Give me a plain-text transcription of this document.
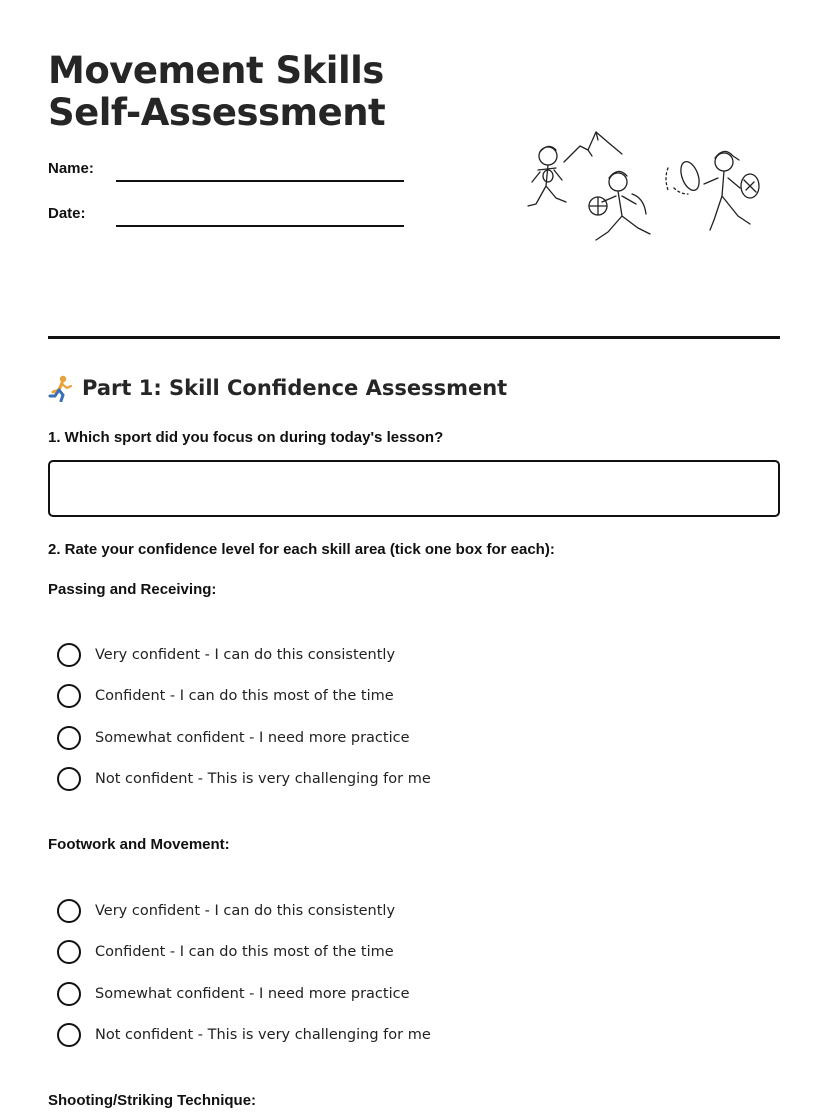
Movement Skills Self-Assessment
Name:
Date:
Part 1: Skill Confidence Assessment
1. Which sport did you focus on during today's lesson?
2. Rate your confidence level for each skill area (tick one box for each):
Passing and Receiving:
Very confident - I can do this consistently
Confident - I can do this most of the time
Somewhat confident - I need more practice
Not confident - This is very challenging for me
Footwork and Movement:
Very confident - I can do this consistently
Confident - I can do this most of the time
Somewhat confident - I need more practice
Not confident - This is very challenging for me
Shooting/Striking Technique:
